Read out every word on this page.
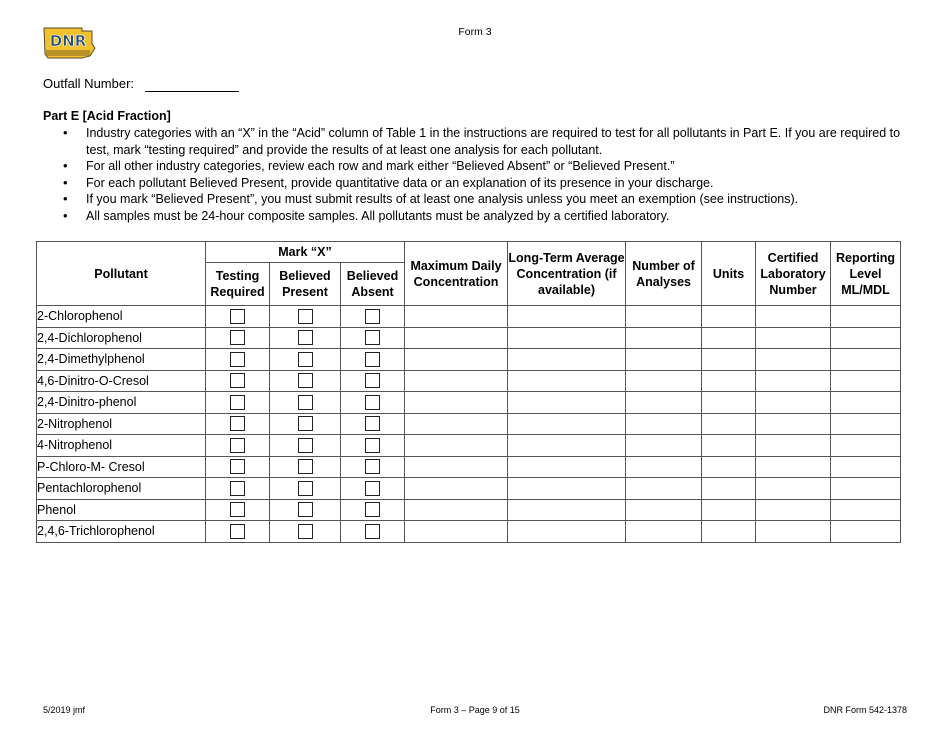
DNR	Form 3
Outfall Number:
Part E [Acid Fraction]
• Industry categories with an “X” in the “Acid” column of Table 1 in the instructions are required to test for all pollutants in Part E. If you are required to test, mark “testing required” and provide the results of at least one analysis for each pollutant.
• For all other industry categories, review each row and mark either “Believed Absent” or “Believed Present.”
• For each pollutant Believed Present, provide quantitative data or an explanation of its presence in your discharge.
• If you mark “Believed Present”, you must submit results of at least one analysis unless you meet an exemption (see instructions).
• All samples must be 24-hour composite samples. All pollutants must be analyzed by a certified laboratory.
Pollutant	Mark “X”			Maximum Daily Concentration	Long-Term Average Concentration (if available)	Number of Analyses	Units	Certified Laboratory Number	Reporting Level ML/MDL
	Testing Required	Believed Present	Believed Absent						
2-Chlorophenol									
2,4-Dichlorophenol									
2,4-Dimethylphenol									
4,6-Dinitro-O-Cresol									
2,4-Dinitro-phenol									
2-Nitrophenol									
4-Nitrophenol									
P-Chloro-M- Cresol									
Pentachlorophenol									
Phenol									
2,4,6-Trichlorophenol									
5/2019 jmf	Form 3 – Page 9 of 15	DNR Form 542-1378
